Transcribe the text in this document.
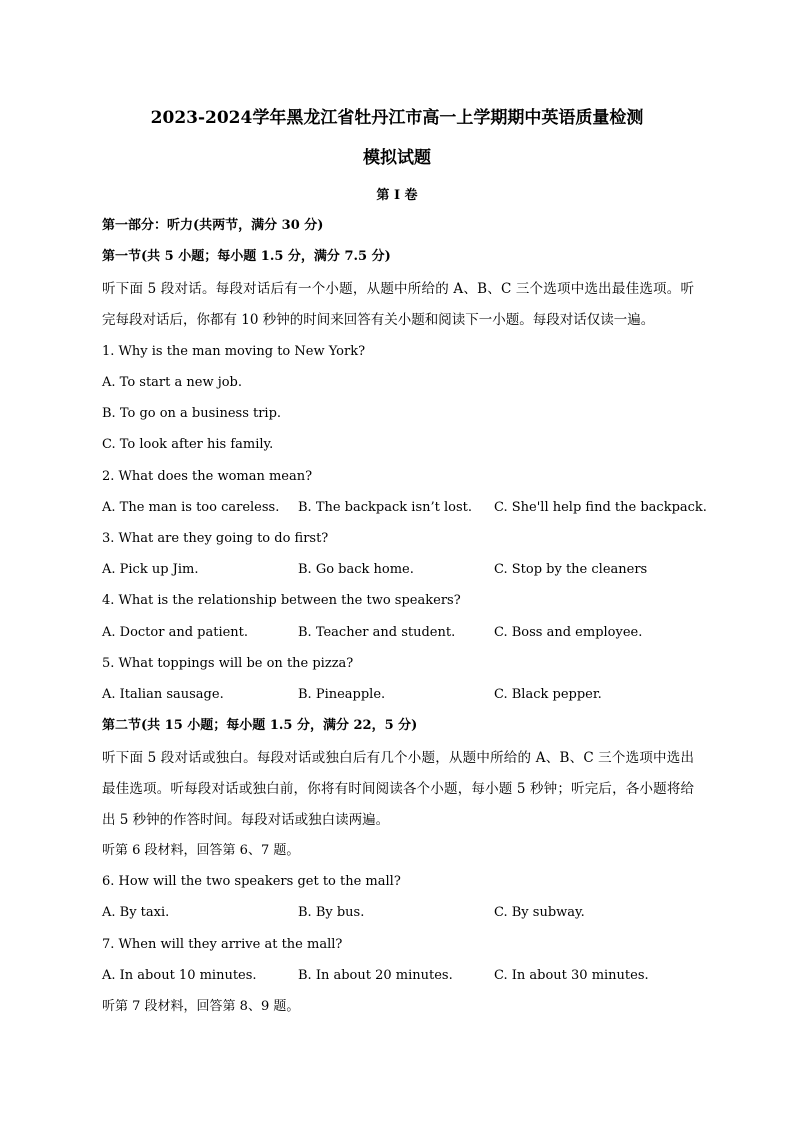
2023-2024学年黑龙江省牡丹江市高一上学期期中英语质量检测
模拟试题
第 I 卷
第一部分：听力(共两节，满分 30 分)
第一节(共 5 小题；每小题 1.5 分，满分 7.5 分)
听下面 5 段对话。每段对话后有一个小题，从题中所给的 A、B、C 三个选项中选出最佳选项。听完每段对话后，你都有 10 秒钟的时间来回答有关小题和阅读下一小题。每段对话仅读一遍。
1. Why is the man moving to New York?
A. To start a new job.
B. To go on a business trip.
C. To look after his family.
2. What does the woman mean?
A. The man is too careless. B. The backpack isn’t lost. C. She'll help find the backpack.
3. What are they going to do first?
A. Pick up Jim.	B. Go back home.	C. Stop by the cleaners
4. What is the relationship between the two speakers?
A. Doctor and patient.	B. Teacher and student.	C. Boss and employee.
5. What toppings will be on the pizza?
A. Italian sausage.	B. Pineapple.	C. Black pepper.
第二节(共 15 小题；每小题 1.5 分，满分 22，5 分)
听下面 5 段对话或独白。每段对话或独白后有几个小题，从题中所给的 A、B、C 三个选项中选出最佳选项。听每段对话或独白前，你将有时间阅读各个小题，每小题 5 秒钟；听完后，各小题将给出 5 秒钟的作答时间。每段对话或独白读两遍。
听第 6 段材料，回答第 6、7 题。
6. How will the two speakers get to the mall?
A. By taxi.	B. By bus.	C. By subway.
7. When will they arrive at the mall?
A. In about 10 minutes.	B. In about 20 minutes.	C. In about 30 minutes.
听第 7 段材料，回答第 8、9 题。
